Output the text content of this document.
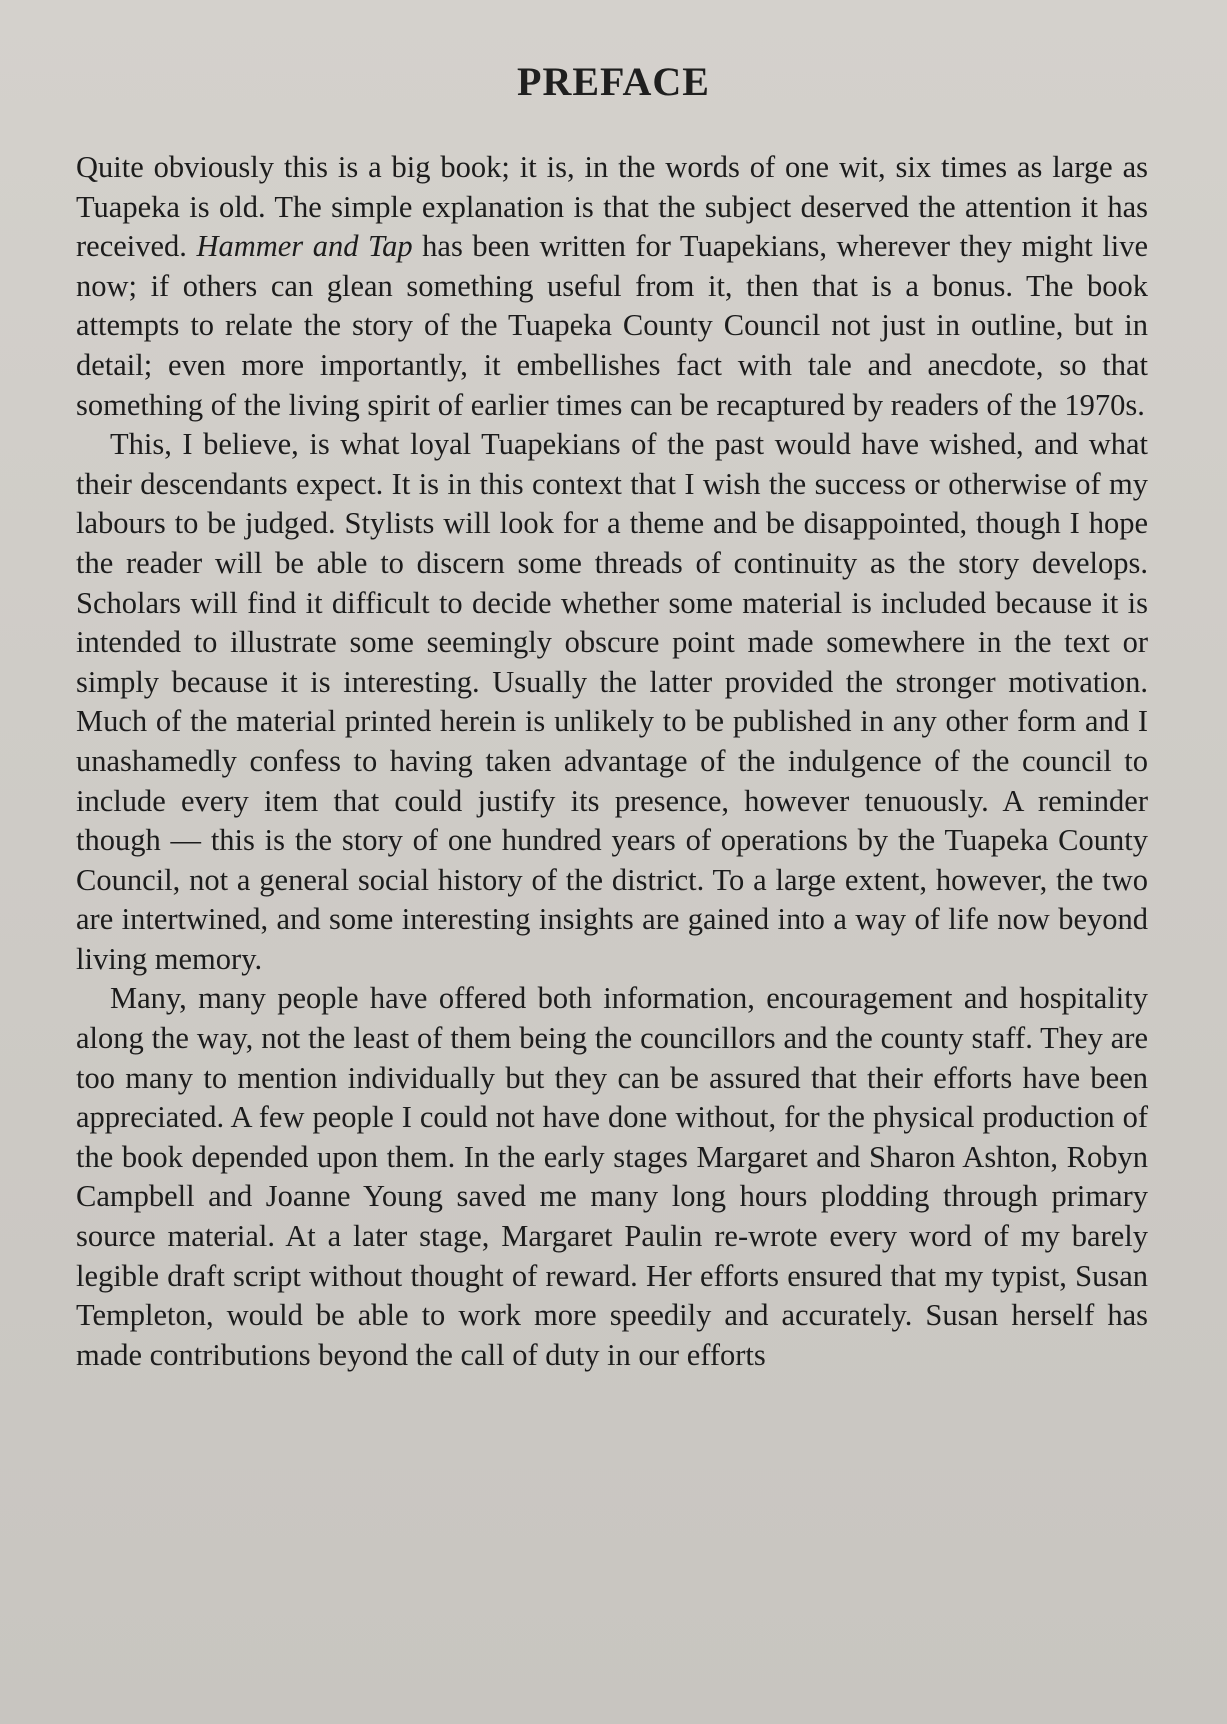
PREFACE

Quite obviously this is a big book; it is, in the words of one wit, six times as large as Tuapeka is old. The simple explanation is that the subject deserved the attention it has received. Hammer and Tap has been written for Tuapekians, wherever they might live now; if others can glean something useful from it, then that is a bonus. The book attempts to relate the story of the Tuapeka County Council not just in outline, but in detail; even more importantly, it embellishes fact with tale and anecdote, so that something of the living spirit of earlier times can be recaptured by readers of the 1970s.

This, I believe, is what loyal Tuapekians of the past would have wished, and what their descendants expect. It is in this context that I wish the success or otherwise of my labours to be judged. Stylists will look for a theme and be disappointed, though I hope the reader will be able to discern some threads of continuity as the story develops. Scholars will find it difficult to decide whether some material is included because it is intended to illustrate some seemingly obscure point made somewhere in the text or simply because it is interesting. Usually the latter provided the stronger motivation. Much of the material printed herein is unlikely to be published in any other form and I unashamedly confess to having taken advantage of the indulgence of the council to include every item that could justify its presence, however tenuously. A reminder though — this is the story of one hundred years of operations by the Tuapeka County Council, not a general social history of the district. To a large extent, however, the two are intertwined, and some interesting insights are gained into a way of life now beyond living memory.

Many, many people have offered both information, encouragement and hospitality along the way, not the least of them being the councillors and the county staff. They are too many to mention individually but they can be assured that their efforts have been appreciated. A few people I could not have done without, for the physical production of the book depended upon them. In the early stages Margaret and Sharon Ashton, Robyn Campbell and Joanne Young saved me many long hours plodding through primary source material. At a later stage, Margaret Paulin re-wrote every word of my barely legible draft script without thought of reward. Her efforts ensured that my typist, Susan Templeton, would be able to work more speedily and accurately. Susan herself has made contributions beyond the call of duty in our efforts
